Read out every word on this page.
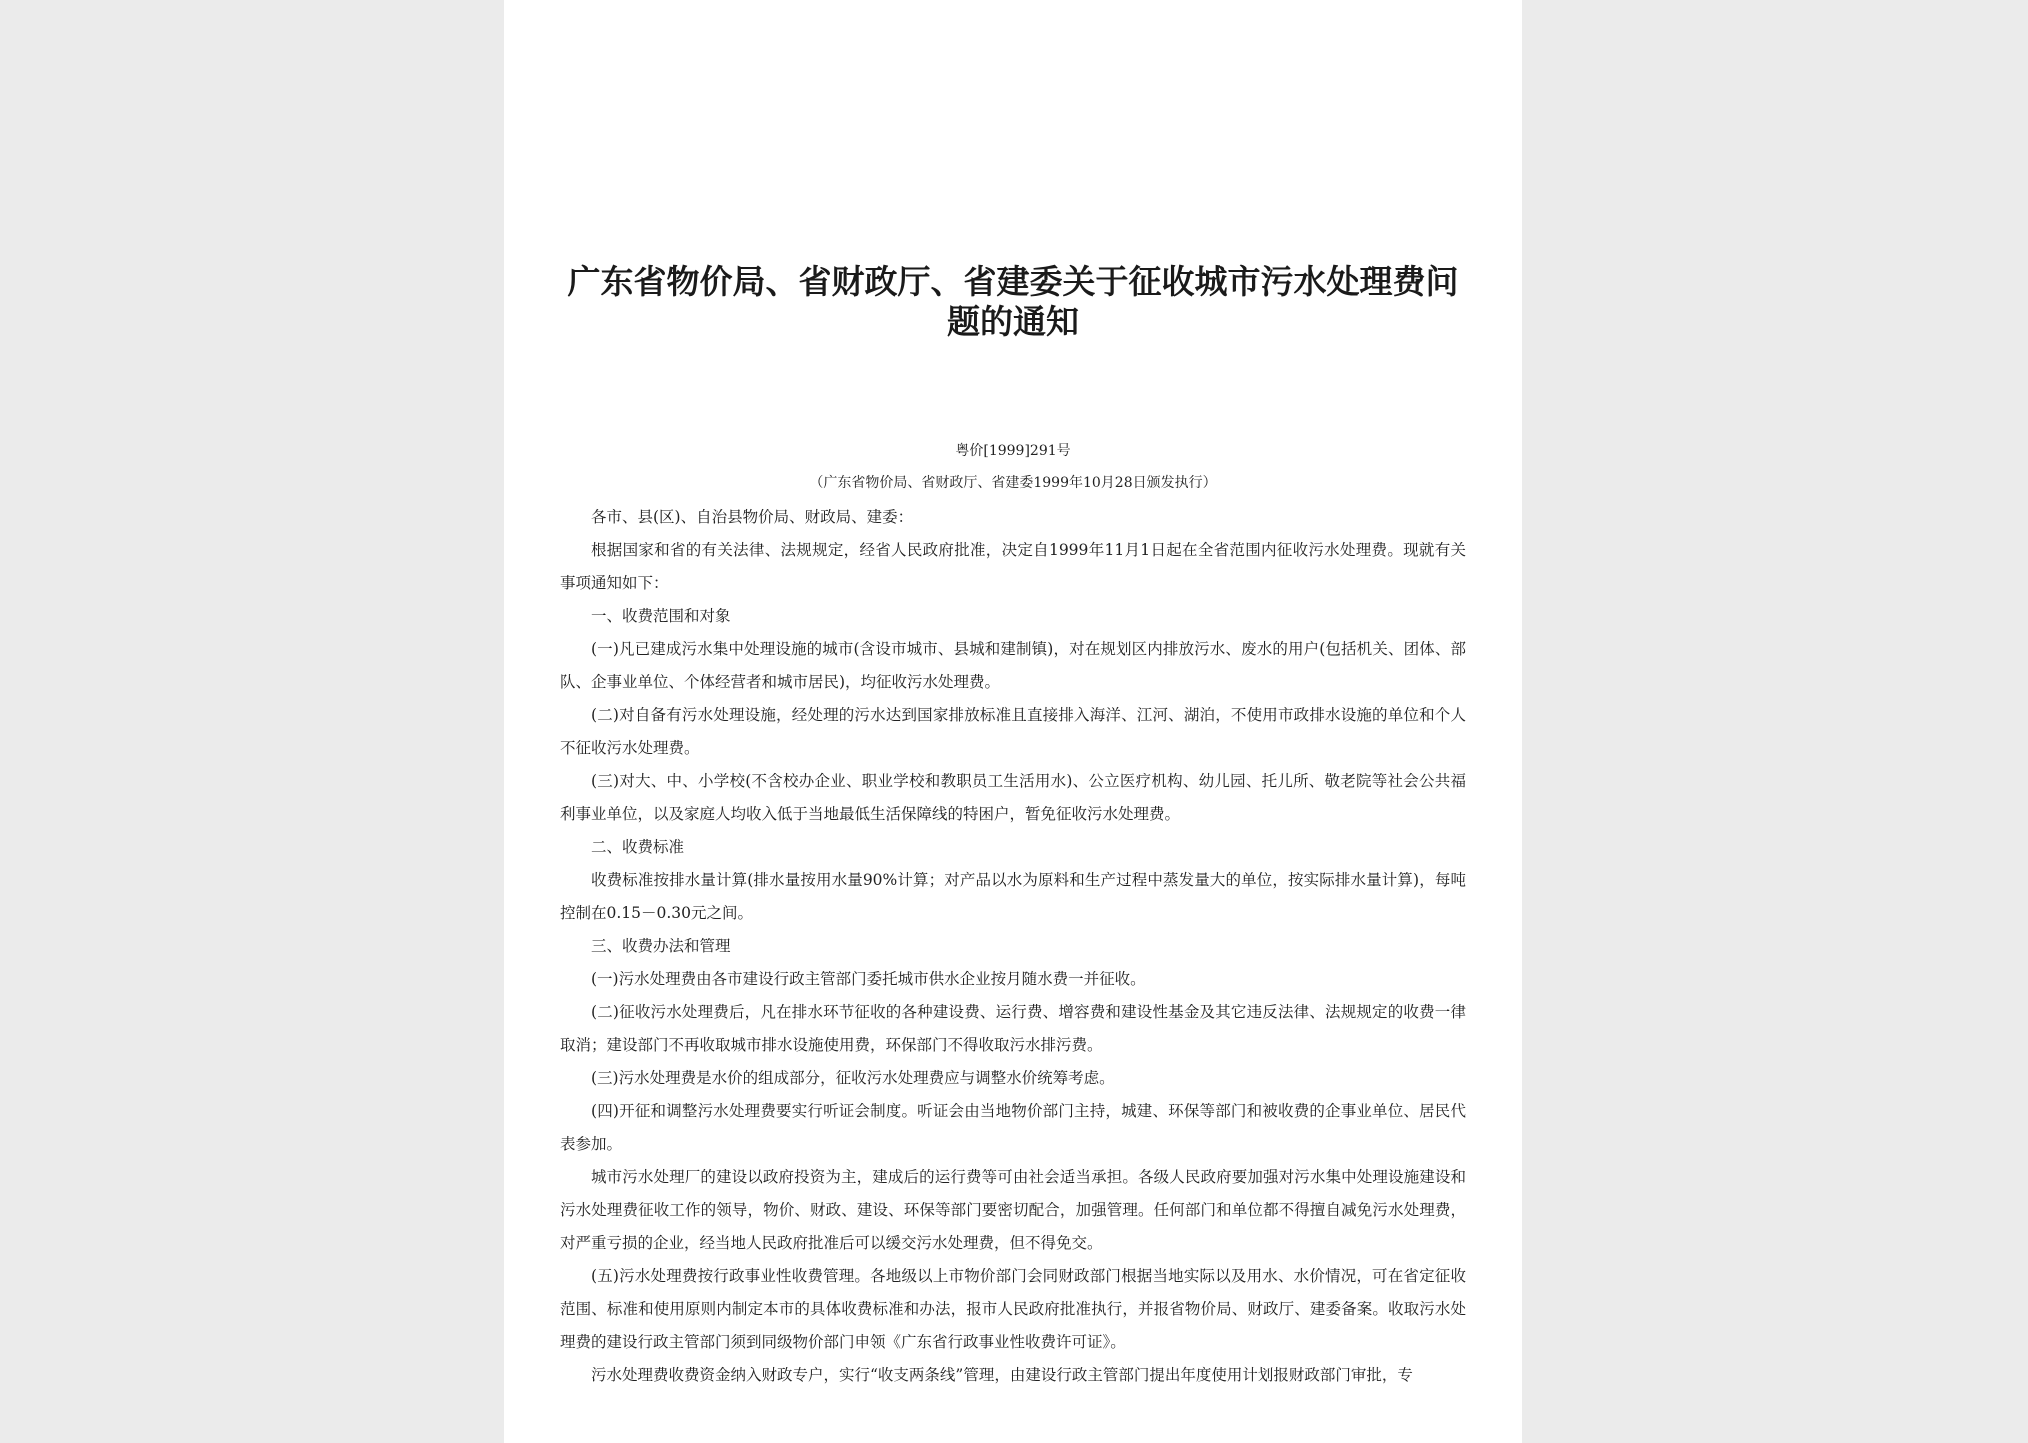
广东省物价局、省财政厅、省建委关于征收城市污水处理费问题的通知
粤价[1999]291号
（广东省物价局、省财政厅、省建委1999年10月28日颁发执行）

各市、县(区)、自治县物价局、财政局、建委：

根据国家和省的有关法律、法规规定，经省人民政府批准，决定自1999年11月1日起在全省范围内征收污水处理费。现就有关事项通知如下：

一、收费范围和对象

(一)凡已建成污水集中处理设施的城市(含设市城市、县城和建制镇)，对在规划区内排放污水、废水的用户(包括机关、团体、部队、企事业单位、个体经营者和城市居民)，均征收污水处理费。

(二)对自备有污水处理设施，经处理的污水达到国家排放标准且直接排入海洋、江河、湖泊，不使用市政排水设施的单位和个人不征收污水处理费。

(三)对大、中、小学校(不含校办企业、职业学校和教职员工生活用水)、公立医疗机构、幼儿园、托儿所、敬老院等社会公共福利事业单位，以及家庭人均收入低于当地最低生活保障线的特困户，暂免征收污水处理费。

二、收费标准

收费标准按排水量计算(排水量按用水量90%计算；对产品以水为原料和生产过程中蒸发量大的单位，按实际排水量计算)，每吨控制在0.15－0.30元之间。

三、收费办法和管理

(一)污水处理费由各市建设行政主管部门委托城市供水企业按月随水费一并征收。

(二)征收污水处理费后，凡在排水环节征收的各种建设费、运行费、增容费和建设性基金及其它违反法律、法规规定的收费一律取消；建设部门不再收取城市排水设施使用费，环保部门不得收取污水排污费。

(三)污水处理费是水价的组成部分，征收污水处理费应与调整水价统筹考虑。

(四)开征和调整污水处理费要实行听证会制度。听证会由当地物价部门主持，城建、环保等部门和被收费的企事业单位、居民代表参加。

城市污水处理厂的建设以政府投资为主，建成后的运行费等可由社会适当承担。各级人民政府要加强对污水集中处理设施建设和污水处理费征收工作的领导，物价、财政、建设、环保等部门要密切配合，加强管理。任何部门和单位都不得擅自减免污水处理费，对严重亏损的企业，经当地人民政府批准后可以缓交污水处理费，但不得免交。

(五)污水处理费按行政事业性收费管理。各地级以上市物价部门会同财政部门根据当地实际以及用水、水价情况，可在省定征收范围、标准和使用原则内制定本市的具体收费标准和办法，报市人民政府批准执行，并报省物价局、财政厅、建委备案。收取污水处理费的建设行政主管部门须到同级物价部门申领《广东省行政事业性收费许可证》。

污水处理费收费资金纳入财政专户，实行“收支两条线”管理，由建设行政主管部门提出年度使用计划报财政部门审批，专
